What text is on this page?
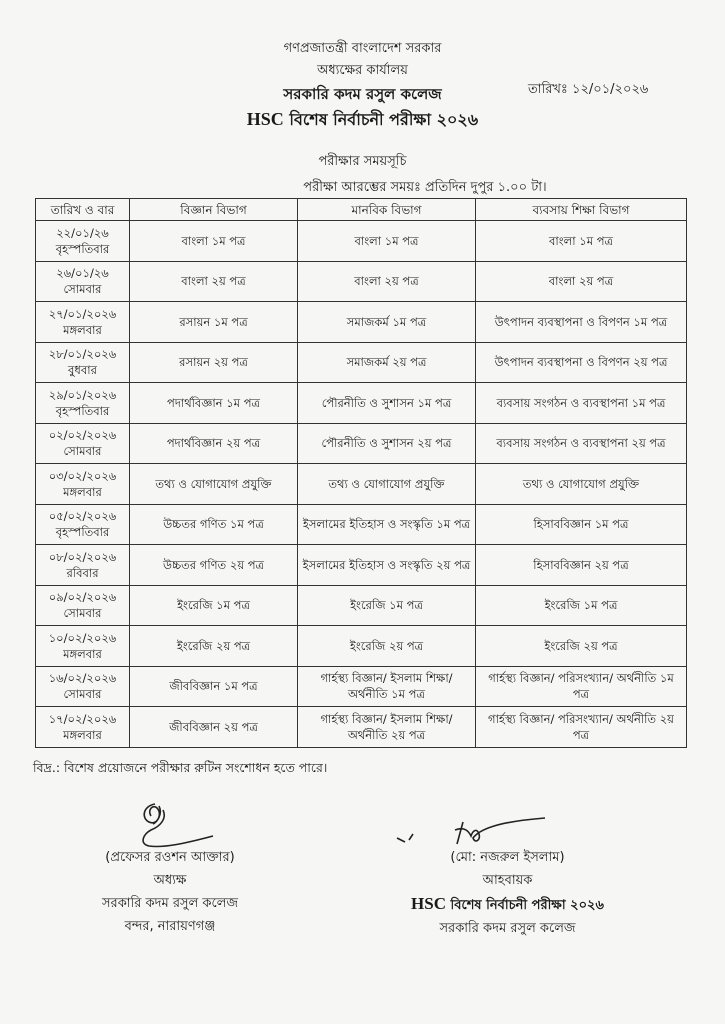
গণপ্রজাতন্ত্রী বাংলাদেশ সরকার
অধ্যক্ষের কার্যালয়
সরকারি কদম রসুল কলেজ
HSC বিশেষ নির্বাচনী পরীক্ষা ২০২৬
তারিখঃ ১২/০১/২০২৬
পরীক্ষার সময়সূচি
পরীক্ষা আরম্ভের সময়ঃ প্রতিদিন দুপুর ১.০০ টা।
তারিখ ও বার	বিজ্ঞান বিভাগ	মানবিক বিভাগ	ব্যবসায় শিক্ষা বিভাগ

২২/০১/২৬
বৃহস্পতিবার	বাংলা ১ম পত্র	বাংলা ১ম পত্র	বাংলা ১ম পত্র

২৬/০১/২৬
সোমবার	বাংলা ২য় পত্র	বাংলা ২য় পত্র	বাংলা ২য় পত্র

২৭/০১/২০২৬
মঙ্গলবার	রসায়ন ১ম পত্র	সমাজকর্ম ১ম পত্র	উৎপাদন ব্যবস্থাপনা ও বিপণন ১ম পত্র

২৮/০১/২০২৬
বুধবার	রসায়ন ২য় পত্র	সমাজকর্ম ২য় পত্র	উৎপাদন ব্যবস্থাপনা ও বিপণন ২য় পত্র

২৯/০১/২০২৬
বৃহস্পতিবার	পদার্থবিজ্ঞান ১ম পত্র	পৌরনীতি ও সুশাসন ১ম পত্র	ব্যবসায় সংগঠন ও ব্যবস্থাপনা ১ম পত্র

০২/০২/২০২৬
সোমবার	পদার্থবিজ্ঞান ২য় পত্র	পৌরনীতি ও সুশাসন ২য় পত্র	ব্যবসায় সংগঠন ও ব্যবস্থাপনা ২য় পত্র

০৩/০২/২০২৬
মঙ্গলবার	তথ্য ও যোগাযোগ প্রযুক্তি	তথ্য ও যোগাযোগ প্রযুক্তি	তথ্য ও যোগাযোগ প্রযুক্তি

০৫/০২/২০২৬
বৃহস্পতিবার	উচ্চতর গণিত ১ম পত্র	ইসলামের ইতিহাস ও সংস্কৃতি ১ম পত্র	হিসাববিজ্ঞান ১ম পত্র

০৮/০২/২০২৬
রবিবার	উচ্চতর গণিত ২য় পত্র	ইসলামের ইতিহাস ও সংস্কৃতি ২য় পত্র	হিসাববিজ্ঞান ২য় পত্র

০৯/০২/২০২৬
সোমবার	ইংরেজি ১ম পত্র	ইংরেজি ১ম পত্র	ইংরেজি ১ম পত্র

১০/০২/২০২৬
মঙ্গলবার	ইংরেজি ২য় পত্র	ইংরেজি ২য় পত্র	ইংরেজি ২য় পত্র

১৬/০২/২০২৬
সোমবার	জীববিজ্ঞান ১ম পত্র	গার্হস্থ্য বিজ্ঞান/ ইসলাম শিক্ষা/ অর্থনীতি ১ম পত্র	গার্হস্থ্য বিজ্ঞান/ পরিসংখ্যান/ অর্থনীতি ১ম পত্র

১৭/০২/২০২৬
মঙ্গলবার	জীববিজ্ঞান ২য় পত্র	গার্হস্থ্য বিজ্ঞান/ ইসলাম শিক্ষা/ অর্থনীতি ২য় পত্র	গার্হস্থ্য বিজ্ঞান/ পরিসংখ্যান/ অর্থনীতি ২য় পত্র
বিদ্র.: বিশেষ প্রয়োজনে পরীক্ষার রুটিন সংশোধন হতে পারে।
(প্রফেসর রওশন আক্তার)
অধ্যক্ষ
সরকারি কদম রসুল কলেজ
বন্দর, নারায়ণগঞ্জ
(মো: নজরুল ইসলাম)
আহবায়ক
HSC বিশেষ নির্বাচনী পরীক্ষা ২০২৬
সরকারি কদম রসুল কলেজ
